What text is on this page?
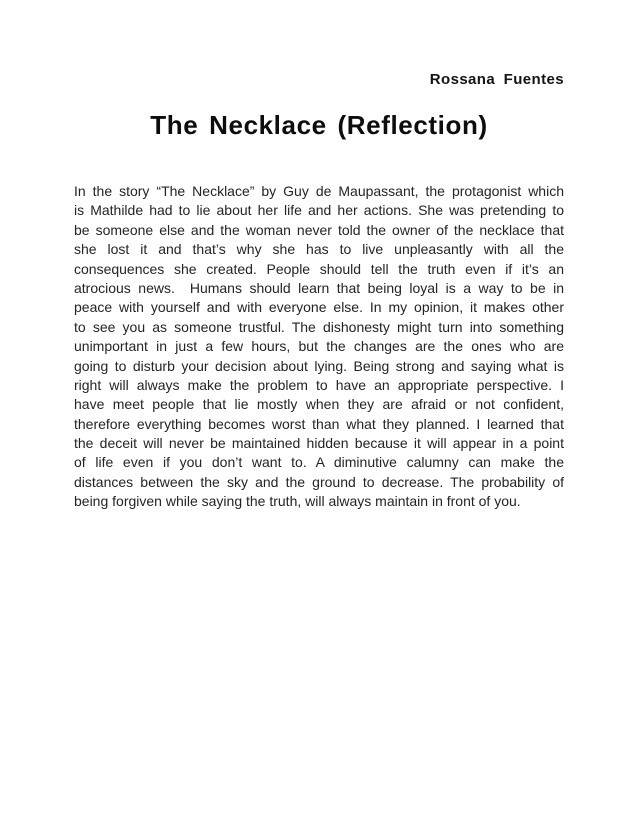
Rossana Fuentes
The Necklace (Reflection)
In the story “The Necklace” by Guy de Maupassant, the protagonist which
is Mathilde had to lie about her life and her actions. She was pretending to
be someone else and the woman never told the owner of the necklace that
she lost it and that’s why she has to live unpleasantly with all the
consequences she created. People should tell the truth even if it’s an
atrocious news.  Humans should learn that being loyal is a way to be in
peace with yourself and with everyone else. In my opinion, it makes other
to see you as someone trustful. The dishonesty might turn into something
unimportant in just a few hours, but the changes are the ones who are
going to disturb your decision about lying. Being strong and saying what is
right will always make the problem to have an appropriate perspective. I
have meet people that lie mostly when they are afraid or not confident,
therefore everything becomes worst than what they planned. I learned that
the deceit will never be maintained hidden because it will appear in a point
of life even if you don’t want to. A diminutive calumny can make the
distances between the sky and the ground to decrease. The probability of
being forgiven while saying the truth, will always maintain in front of you.
